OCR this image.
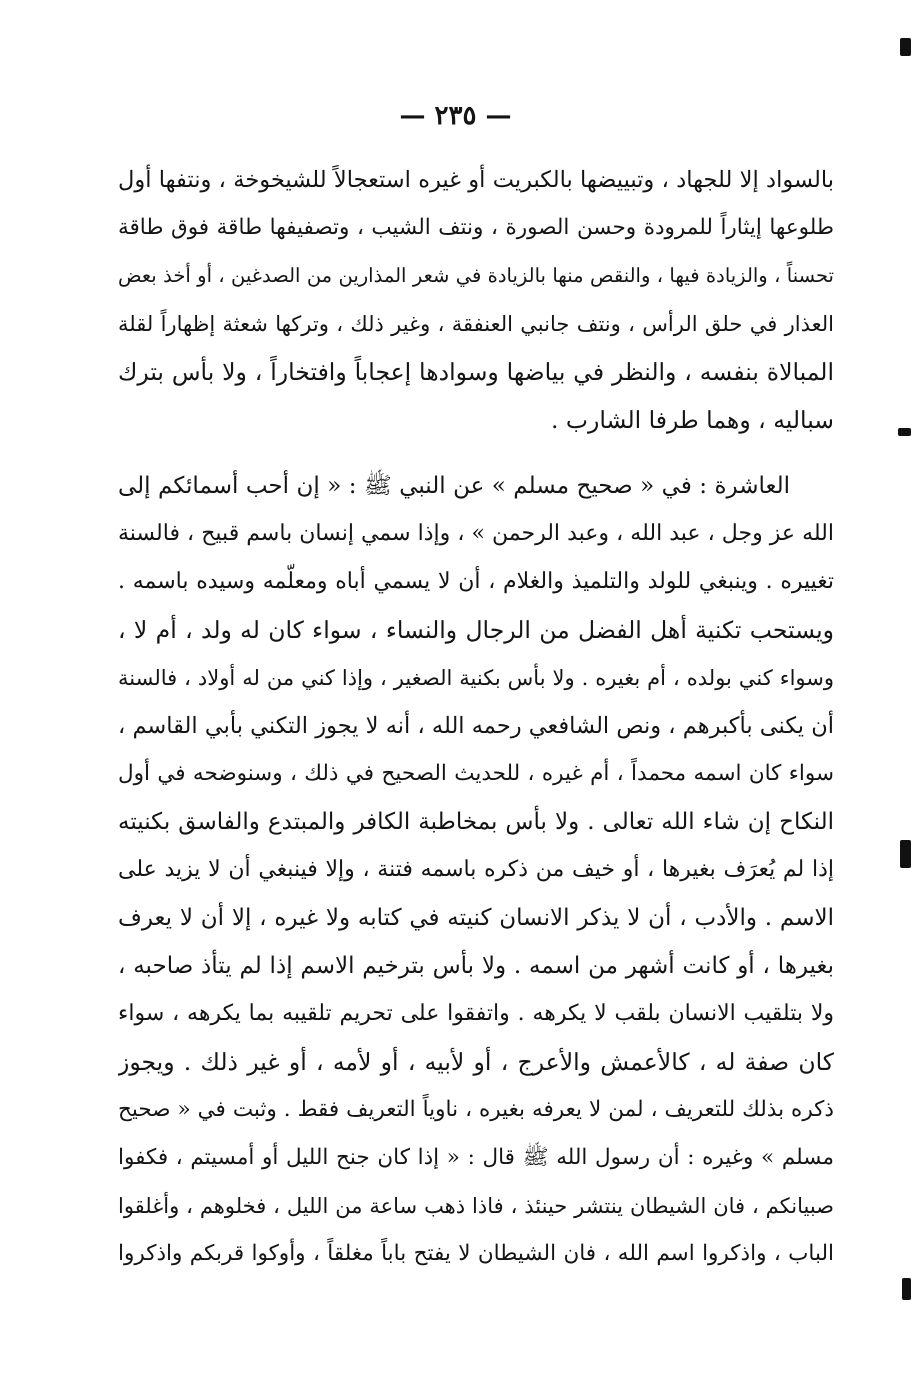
— ٢٣٥ —
بالسواد إلا للجهاد ، وتبييضها بالكبريت أو غيره استعجالاً للشيخوخة ، ونتفها أول
طلوعها إيثاراً للمرودة وحسن الصورة ، ونتف الشيب ، وتصفيفها طاقة فوق طاقة
تحسناً ، والزيادة فيها ، والنقص منها بالزيادة في شعر المذارين من الصدغين ، أو أخذ بعض
العذار في حلق الرأس ، ونتف جانبي العنفقة ، وغير ذلك ، وتركها شعثة إظهاراً لقلة
المبالاة بنفسه ، والنظر في بياضها وسوادها إعجاباً وافتخاراً ، ولا بأس بترك
سباليه ، وهما طرفا الشارب .
العاشرة : في « صحيح مسلم » عن النبي ﷺ : « إن أحب أسمائكم إلى
الله عز وجل ، عبد الله ، وعبد الرحمن » ، وإذا سمي إنسان باسم قبيح ، فالسنة
تغييره . وينبغي للولد والتلميذ والغلام ، أن لا يسمي أباه ومعلّمه وسيده باسمه .
ويستحب تكنية أهل الفضل من الرجال والنساء ، سواء كان له ولد ، أم لا ،
وسواء كني بولده ، أم بغيره . ولا بأس بكنية الصغير ، وإذا كني من له أولاد ، فالسنة
أن يكنى بأكبرهم ، ونص الشافعي رحمه الله ، أنه لا يجوز التكني بأبي القاسم ،
سواء كان اسمه محمداً ، أم غيره ، للحديث الصحيح في ذلك ، وسنوضحه في أول
النكاح إن شاء الله تعالى . ولا بأس بمخاطبة الكافر والمبتدع والفاسق بكنيته
إذا لم يُعرَف بغيرها ، أو خيف من ذكره باسمه فتنة ، وإلا فينبغي أن لا يزيد على
الاسم . والأدب ، أن لا يذكر الانسان كنيته في كتابه ولا غيره ، إلا أن لا يعرف
بغيرها ، أو كانت أشهر من اسمه . ولا بأس بترخيم الاسم إذا لم يتأذ صاحبه ،
ولا بتلقيب الانسان بلقب لا يكرهه . واتفقوا على تحريم تلقيبه بما يكرهه ، سواء
كان صفة له ، كالأعمش والأعرج ، أو لأبيه ، أو لأمه ، أو غير ذلك . ويجوز
ذكره بذلك للتعريف ، لمن لا يعرفه بغيره ، ناوياً التعريف فقط . وثبت في « صحيح
مسلم » وغيره : أن رسول الله ﷺ قال : « إذا كان جنح الليل أو أمسيتم ، فكفوا
صبيانكم ، فان الشيطان ينتشر حينئذ ، فاذا ذهب ساعة من الليل ، فخلوهم ، وأغلقوا
الباب ، واذكروا اسم الله ، فان الشيطان لا يفتح باباً مغلقاً ، وأوكوا قربكم واذكروا
